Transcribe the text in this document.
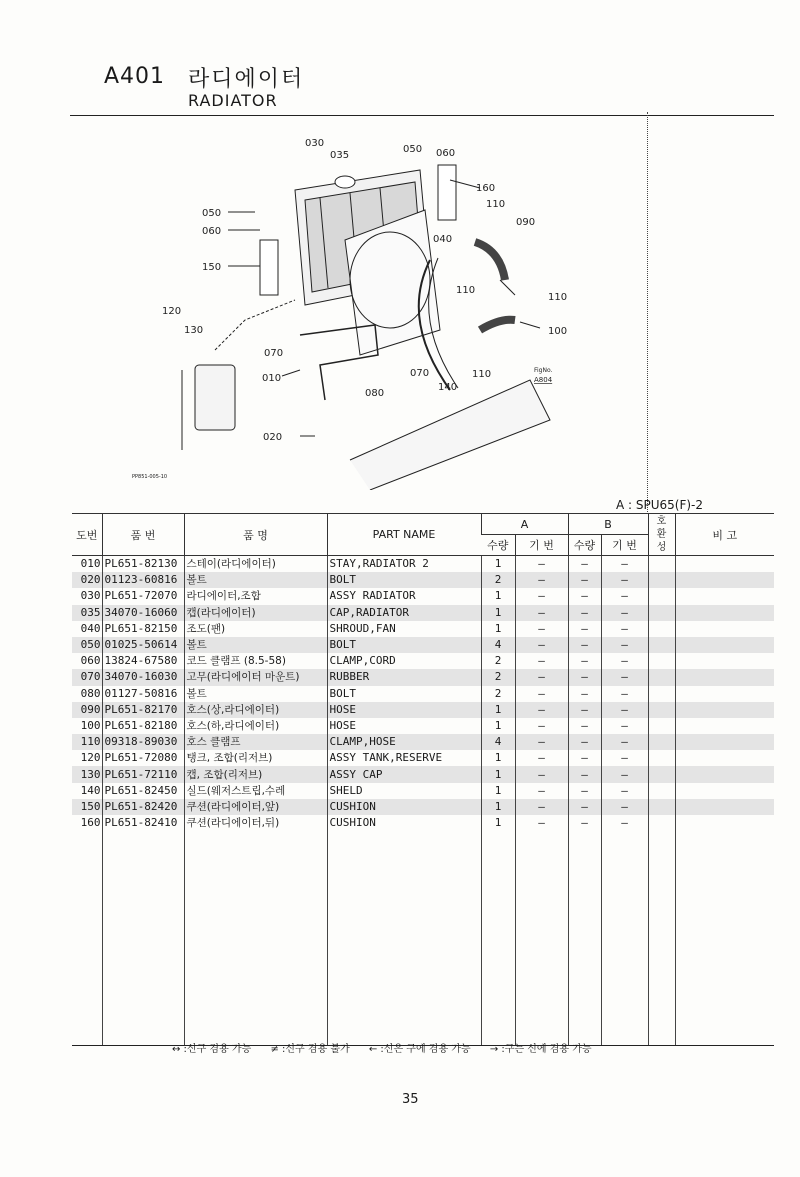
A401 라디에이터
RADIATOR
030
035
050 060
160
110
090
050
060
040
150
110
110
120
130	100
070
010	070	110
080
140
020
FigNo.
A804
PP851-005-10
A : SPU65(F)-2
도번	품 번	품 명	PART NAME	A		B		호환성	비 고
				수량	기 번	수량	기 번		
010	PL651-82130	스테이(라디에이터)	STAY,RADIATOR 2	1	–	–	–		
020	01123-60816	볼트	BOLT	2	–	–	–		
030	PL651-72070	라디에이터,조합	ASSY RADIATOR	1	–	–	–		
035	34070-16060	캡(라디에이터)	CAP,RADIATOR	1	–	–	–		
040	PL651-82150	조도(팬)	SHROUD,FAN	1	–	–	–		
050	01025-50614	볼트	BOLT	4	–	–	–		
060	13824-67580	코드 클램프 (8.5-58)	CLAMP,CORD	2	–	–	–		
070	34070-16030	고무(라디에이터 마운트)	RUBBER	2	–	–	–		
080	01127-50816	볼트	BOLT	2	–	–	–		
090	PL651-82170	호스(상,라디에이터)	HOSE	1	–	–	–		
100	PL651-82180	호스(하,라디에이터)	HOSE	1	–	–	–		
110	09318-89030	호스 클램프	CLAMP,HOSE	4	–	–	–		
120	PL651-72080	탱크, 조합(리저브)	ASSY TANK,RESERVE	1	–	–	–		
130	PL651-72110	캡, 조합(리저브)	ASSY CAP	1	–	–	–		
140	PL651-82450	실드(웨저스트립,수레	SHELD	1	–	–	–		
150	PL651-82420	쿠션(라디에이터,앞)	CUSHION	1	–	–	–		
160	PL651-82410	쿠션(라디에이터,뒤)	CUSHION	1	–	–	–		

↔ :신구 겸용 가능 ≠ :신구 겸용 불가 ← :신은 구에 겸용 가능 → :구는 신에 겸용 가능
35
